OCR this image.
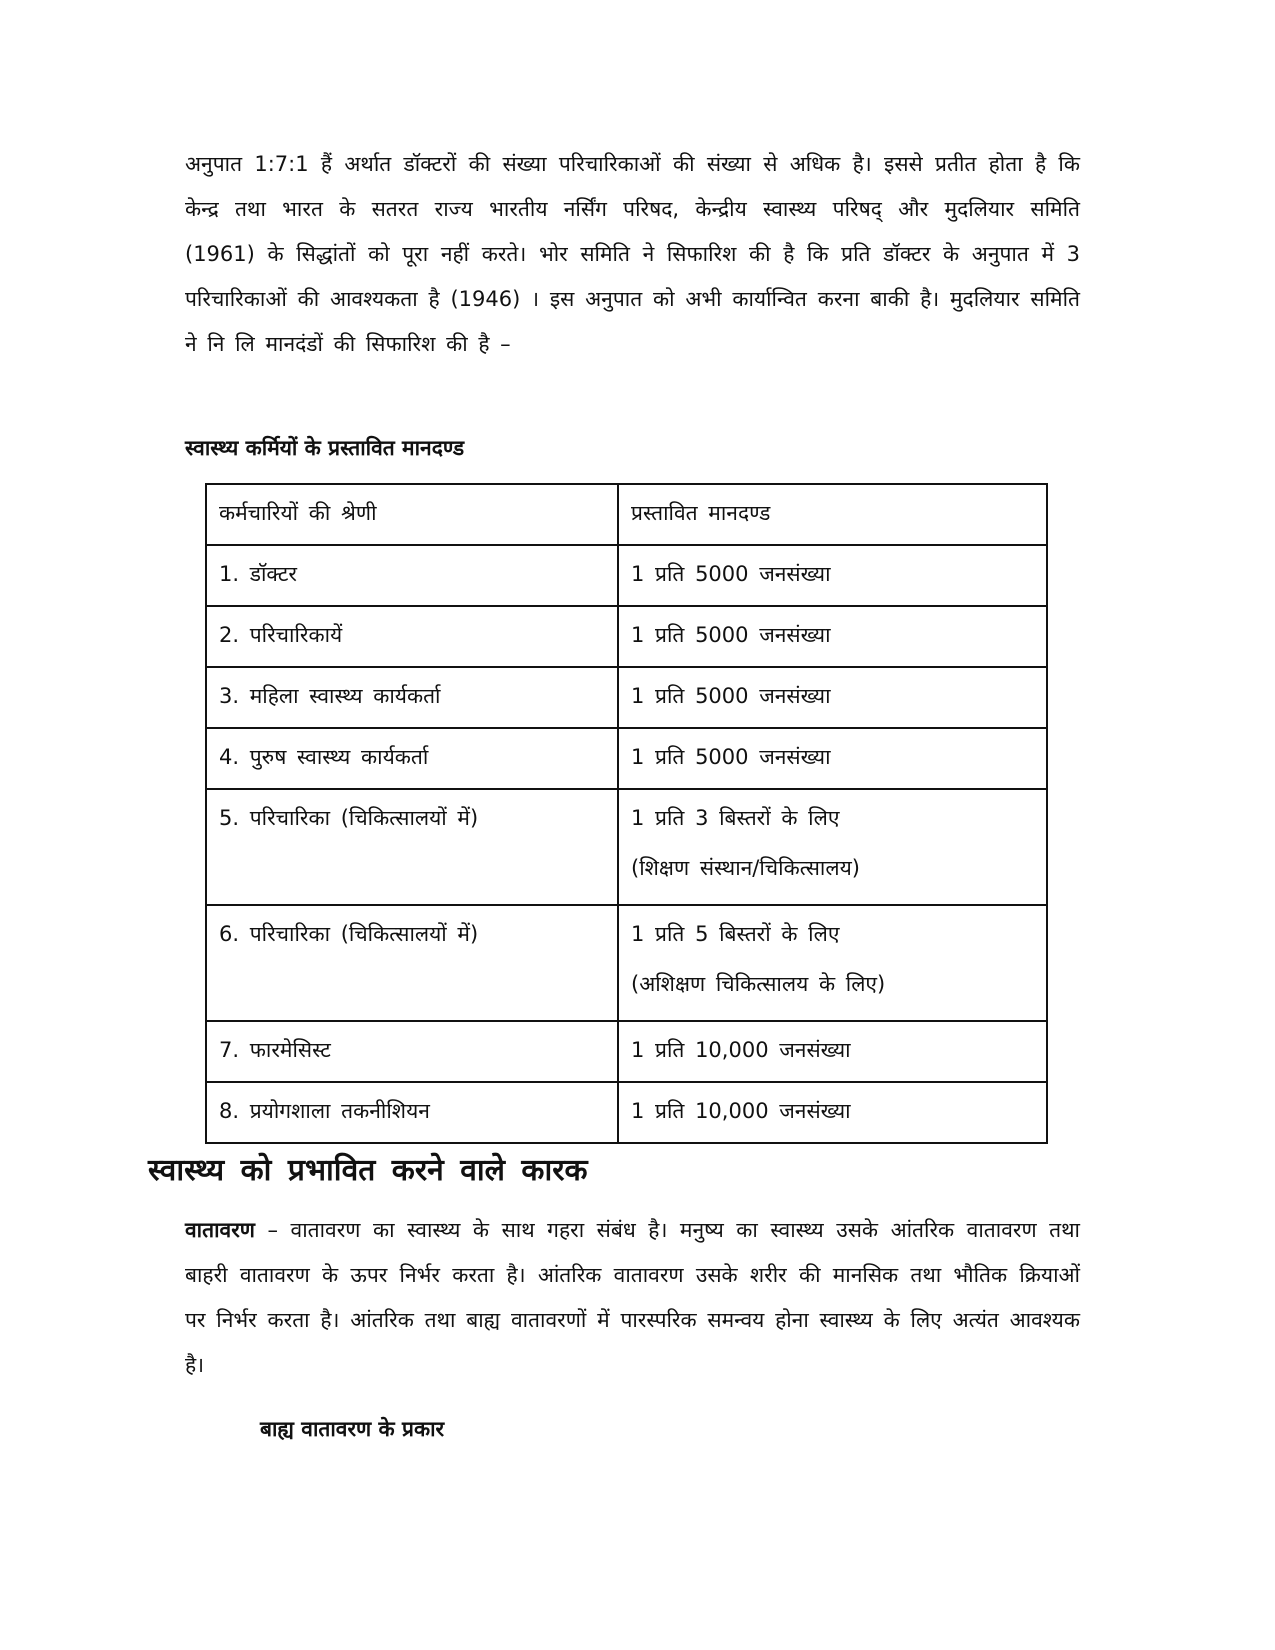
अनुपात 1:7:1 हैं अर्थात डॉक्टरों की संख्या परिचारिकाओं की संख्या से अधिक है। इससे प्रतीत होता है कि केन्द्र तथा भारत के सतरत राज्य भारतीय नर्सिंग परिषद, केन्द्रीय स्वास्थ्य परिषद् और मुदलियार समिति (1961) के सिद्धांतों को पूरा नहीं करते। भोर समिति ने सिफारिश की है कि प्रति डॉक्टर के अनुपात में 3 परिचारिकाओं की आवश्यकता है (1946) । इस अनुपात को अभी कार्यान्वित करना बाकी है। मुदलियार समिति ने नि लि मानदंडों की सिफारिश की है –
स्वास्थ्य कर्मियों के प्रस्तावित मानदण्ड
कर्मचारियों की श्रेणी	प्रस्तावित मानदण्ड
1. डॉक्टर	1 प्रति 5000 जनसंख्या
2. परिचारिकायें	1 प्रति 5000 जनसंख्या
3. महिला स्वास्थ्य कार्यकर्ता	1 प्रति 5000 जनसंख्या
4. पुरुष स्वास्थ्य कार्यकर्ता	1 प्रति 5000 जनसंख्या
5. परिचारिका (चिकित्सालयों में)	1 प्रति 3 बिस्तरों के लिए
(शिक्षण संस्थान/चिकित्सालय)

6. परिचारिका (चिकित्सालयों में)	1 प्रति 5 बिस्तरों के लिए
(अशिक्षण चिकित्सालय के लिए)

7. फारमेसिस्ट	1 प्रति 10,000 जनसंख्या
8. प्रयोगशाला तकनीशियन	1 प्रति 10,000 जनसंख्या
स्वास्थ्य को प्रभावित करने वाले कारक
वातावरण – वातावरण का स्वास्थ्य के साथ गहरा संबंध है। मनुष्य का स्वास्थ्य उसके आंतरिक वातावरण तथा बाहरी वातावरण के ऊपर निर्भर करता है। आंतरिक वातावरण उसके शरीर की मानसिक तथा भौतिक क्रियाओं पर निर्भर करता है। आंतरिक तथा बाह्य वातावरणों में पारस्परिक समन्वय होना स्वास्थ्य के लिए अत्यंत आवश्यक है।
बाह्य वातावरण के प्रकार
